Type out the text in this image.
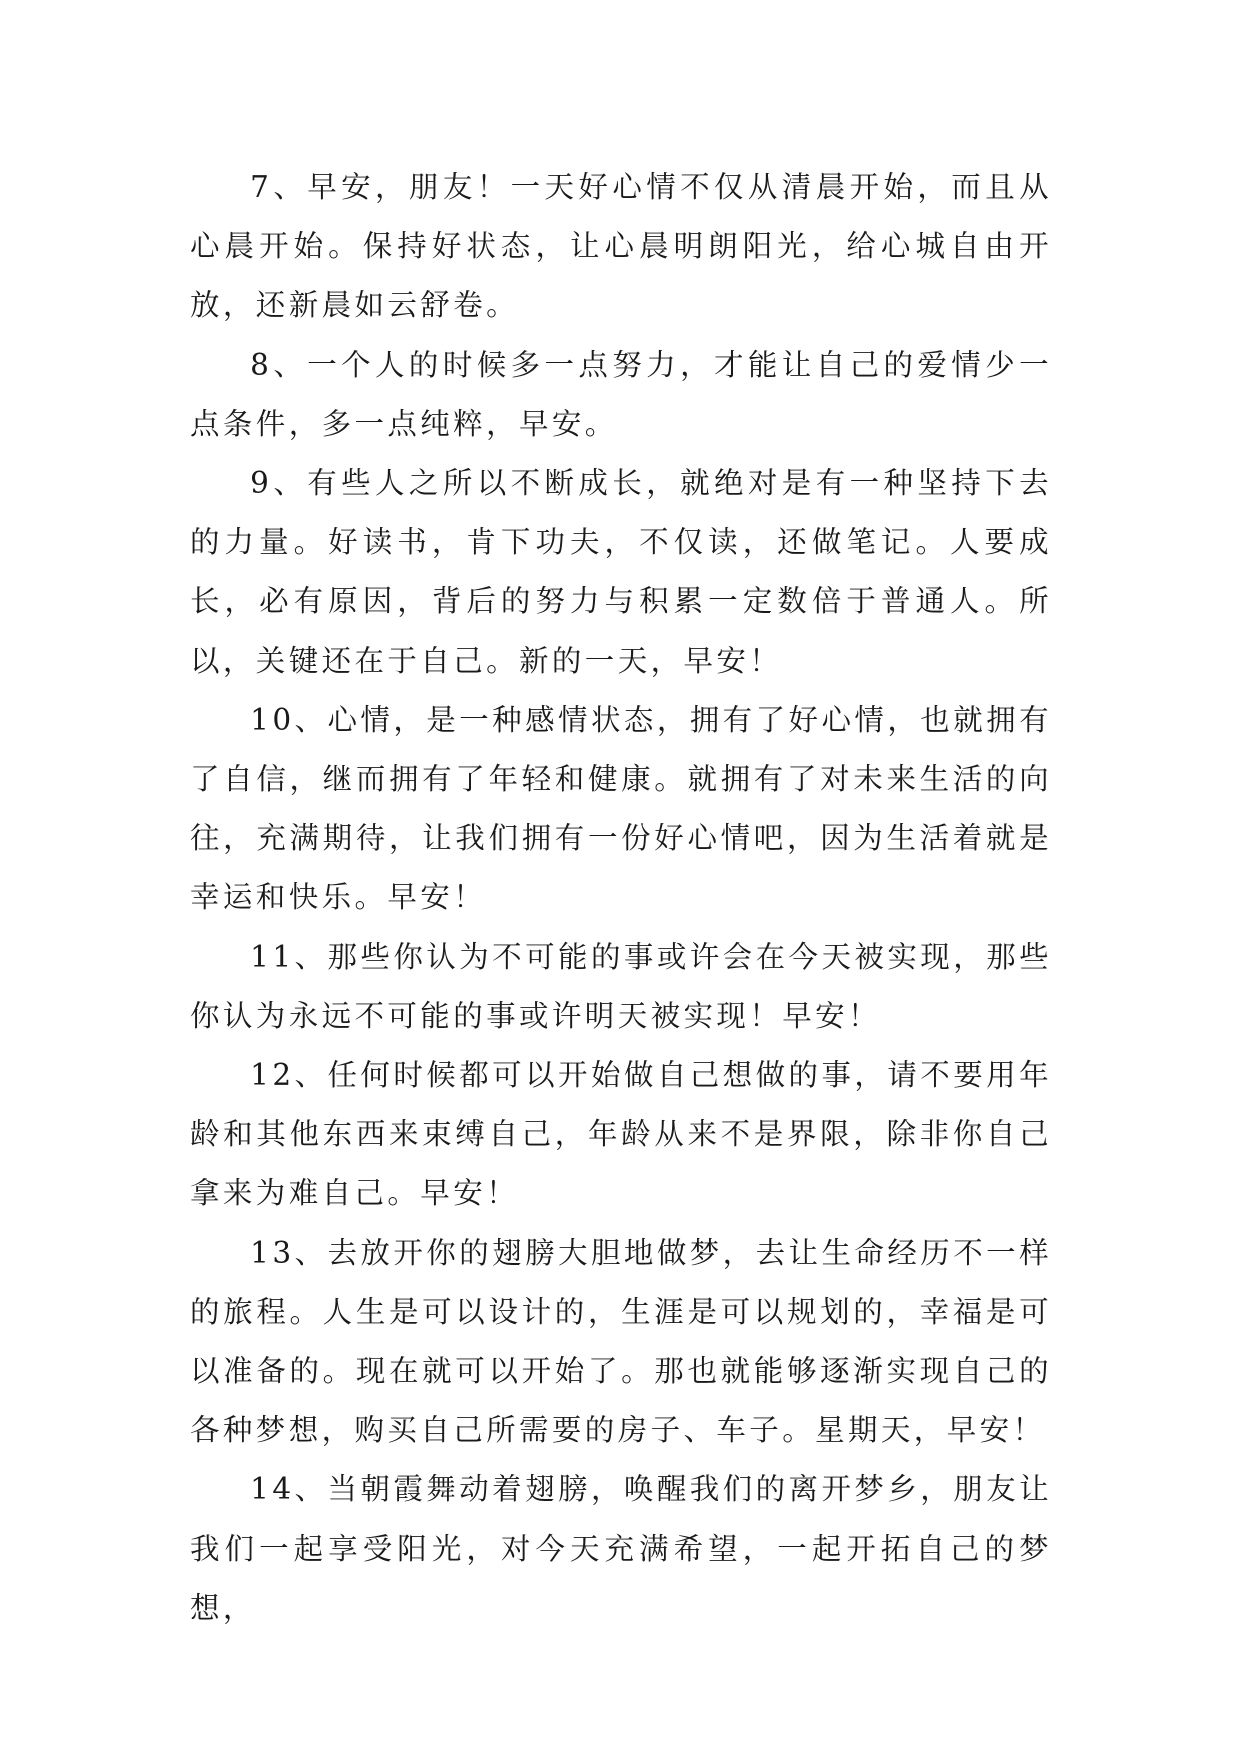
7、早安，朋友！一天好心情不仅从清晨开始，而且从心晨开始。保持好状态，让心晨明朗阳光，给心城自由开放，还新晨如云舒卷。

8、一个人的时候多一点努力，才能让自己的爱情少一点条件，多一点纯粹，早安。

9、有些人之所以不断成长，就绝对是有一种坚持下去的力量。好读书，肯下功夫，不仅读，还做笔记。人要成长，必有原因，背后的努力与积累一定数倍于普通人。所以，关键还在于自己。新的一天，早安！

10、心情，是一种感情状态，拥有了好心情，也就拥有了自信，继而拥有了年轻和健康。就拥有了对未来生活的向往，充满期待，让我们拥有一份好心情吧，因为生活着就是幸运和快乐。早安！

11、那些你认为不可能的事或许会在今天被实现，那些你认为永远不可能的事或许明天被实现！早安！

12、任何时候都可以开始做自己想做的事，请不要用年龄和其他东西来束缚自己，年龄从来不是界限，除非你自己拿来为难自己。早安！

13、去放开你的翅膀大胆地做梦，去让生命经历不一样的旅程。人生是可以设计的，生涯是可以规划的，幸福是可以准备的。现在就可以开始了。那也就能够逐渐实现自己的各种梦想，购买自己所需要的房子、车子。星期天，早安！

14、当朝霞舞动着翅膀，唤醒我们的离开梦乡，朋友让我们一起享受阳光，对今天充满希望，一起开拓自己的梦想，
